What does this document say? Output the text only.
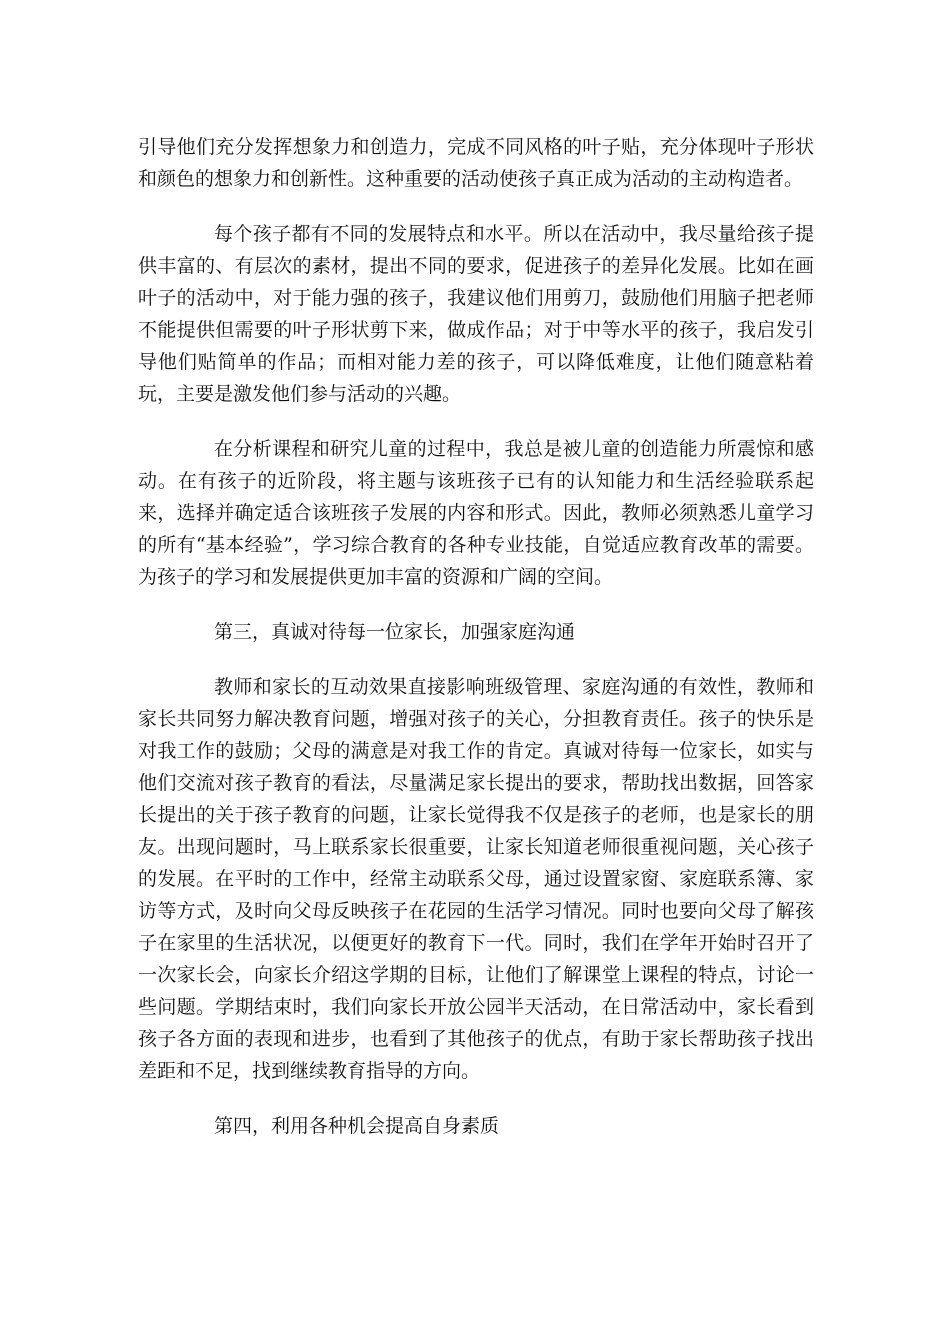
引导他们充分发挥想象力和创造力，完成不同风格的叶子贴，充分体现叶子形状和颜色的想象力和创新性。这种重要的活动使孩子真正成为活动的主动构造者。

每个孩子都有不同的发展特点和水平。所以在活动中，我尽量给孩子提供丰富的、有层次的素材，提出不同的要求，促进孩子的差异化发展。比如在画叶子的活动中，对于能力强的孩子，我建议他们用剪刀，鼓励他们用脑子把老师不能提供但需要的叶子形状剪下来，做成作品；对于中等水平的孩子，我启发引导他们贴简单的作品；而相对能力差的孩子，可以降低难度，让他们随意粘着玩，主要是激发他们参与活动的兴趣。

在分析课程和研究儿童的过程中，我总是被儿童的创造能力所震惊和感动。在有孩子的近阶段，将主题与该班孩子已有的认知能力和生活经验联系起来，选择并确定适合该班孩子发展的内容和形式。因此，教师必须熟悉儿童学习的所有“基本经验”，学习综合教育的各种专业技能，自觉适应教育改革的需要。为孩子的学习和发展提供更加丰富的资源和广阔的空间。

第三，真诚对待每一位家长，加强家庭沟通

教师和家长的互动效果直接影响班级管理、家庭沟通的有效性，教师和家长共同努力解决教育问题，增强对孩子的关心，分担教育责任。孩子的快乐是对我工作的鼓励；父母的满意是对我工作的肯定。真诚对待每一位家长，如实与他们交流对孩子教育的看法，尽量满足家长提出的要求，帮助找出数据，回答家长提出的关于孩子教育的问题，让家长觉得我不仅是孩子的老师，也是家长的朋友。出现问题时，马上联系家长很重要，让家长知道老师很重视问题，关心孩子的发展。在平时的工作中，经常主动联系父母，通过设置家窗、家庭联系簿、家访等方式，及时向父母反映孩子在花园的生活学习情况。同时也要向父母了解孩子在家里的生活状况，以便更好的教育下一代。同时，我们在学年开始时召开了一次家长会，向家长介绍这学期的目标，让他们了解课堂上课程的特点，讨论一些问题。学期结束时，我们向家长开放公园半天活动，在日常活动中，家长看到孩子各方面的表现和进步，也看到了其他孩子的优点，有助于家长帮助孩子找出差距和不足，找到继续教育指导的方向。

第四，利用各种机会提高自身素质
